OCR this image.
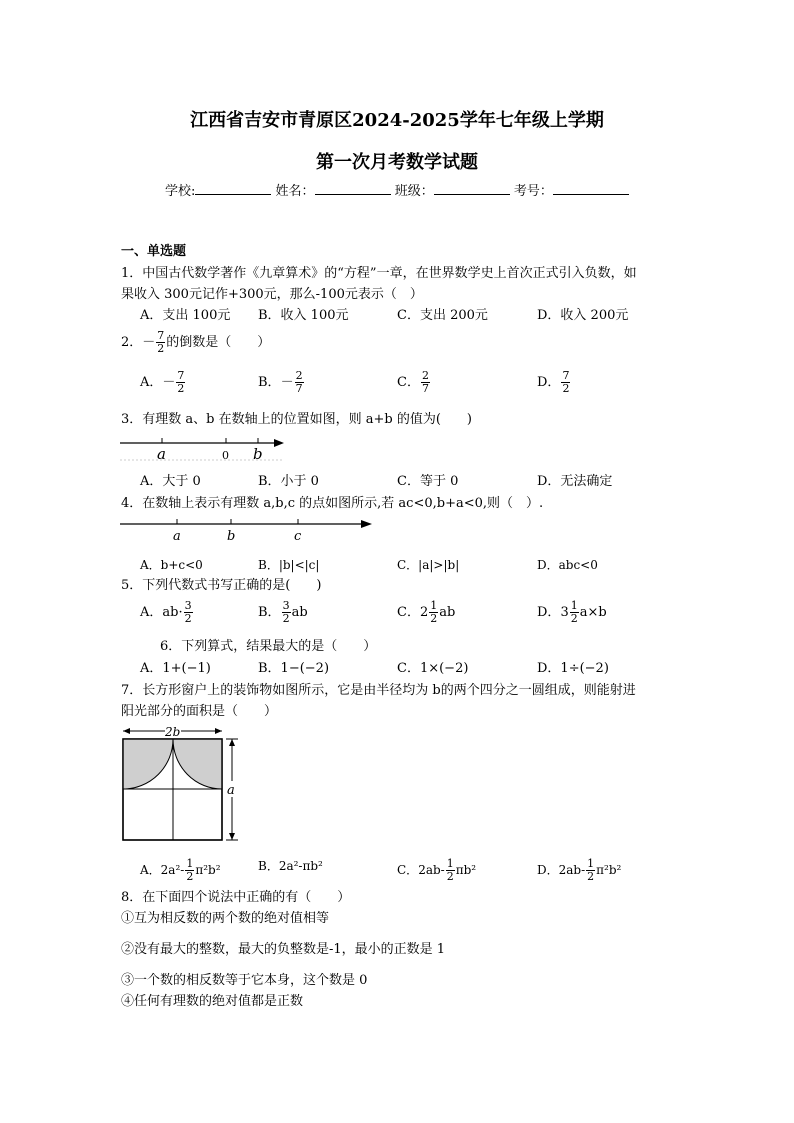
江西省吉安市青原区2024-2025学年七年级上学期
第一次月考数学试题
学校:	姓名：	班级：	考号：
一、单选题
1．中国古代数学著作《九章算术》的“方程”一章，在世界数学史上首次正式引入负数，如
果收入 300元记作+300元，那么-100元表示（　）
A．支出 100元 B．收入 100元	C．支出 200元	D．收入 200元
2．－ $\frac{7}{2}$ 的倒数是（　　）
A．－ $\frac{7}{2}$	B．－ $\frac{2}{7}$	C． $\frac{2}{7}$	D． $\frac{7}{2}$
3．有理数 a、b 在数轴上的位置如图，则 a+b 的值为(　　)
a	0 b
A．大于 0	B．小于 0	C．等于 0	D．无法确定
4．在数轴上表示有理数 a,b,c 的点如图所示,若 ac<0,b+a<0,则（　）.
a	b	c
A．b+c<0	B．|b|<|c|	C．|a|>|b|	D．abc<0
5．下列代数式书写正确的是(　　)
A．$ab\cdot \frac{3}{2}$	B． $\frac{3}{2}$ ab	C．$2 \frac{1}{2}$ ab	D．$3 \frac{1}{2} a\times b$
6．下列算式，结果最大的是（　　）
A．1+(−1)	B．1−(−2)	C．1×(−2)	D．1÷(−2)
7．长方形窗户上的装饰物如图所示，它是由半径均为 b的两个四分之一圆组成，则能射进
阳光部分的面积是（　　）
2b
a
A．$2a^2- \frac{1}{2} \pi^2b^2$	B．2a²-πb²	C．$2ab- \frac{1}{2} \pi b^2$	D．$2ab- \frac{1}{2} \pi^2b^2$
8．在下面四个说法中正确的有（　　）
①互为相反数的两个数的绝对值相等
②没有最大的整数，最大的负整数是-1，最小的正数是 1
③一个数的相反数等于它本身，这个数是 0
④任何有理数的绝对值都是正数
